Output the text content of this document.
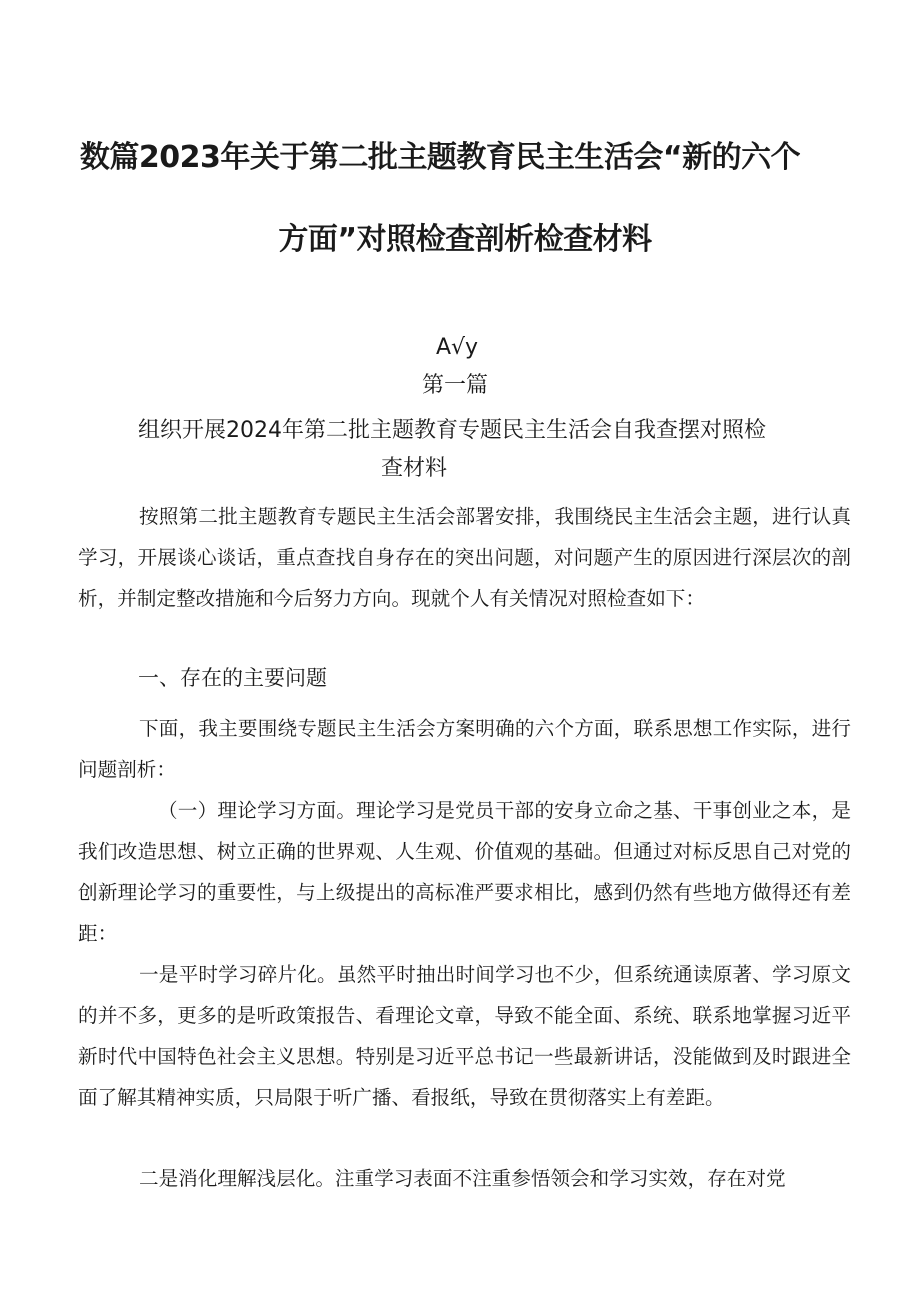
数篇2023年关于第二批主题教育民主生活会“新的六个
方面”对照检查剖析检查材料
A√y
第一篇
组织开展2024年第二批主题教育专题民主生活会自我查摆对照检
查材料

按照第二批主题教育专题民主生活会部署安排，我围绕民主生活会主题，进行认真学习，开展谈心谈话，重点查找自身存在的突出问题，对问题产生的原因进行深层次的剖析，并制定整改措施和今后努力方向。现就个人有关情况对照检查如下：

一、存在的主要问题

下面，我主要围绕专题民主生活会方案明确的六个方面，联系思想工作实际，进行问题剖析：

（一）理论学习方面。理论学习是党员干部的安身立命之基、干事创业之本，是我们改造思想、树立正确的世界观、人生观、价值观的基础。但通过对标反思自己对党的创新理论学习的重要性，与上级提出的高标准严要求相比，感到仍然有些地方做得还有差距：

一是平时学习碎片化。虽然平时抽出时间学习也不少，但系统通读原著、学习原文的并不多，更多的是听政策报告、看理论文章，导致不能全面、系统、联系地掌握习近平新时代中国特色社会主义思想。特别是习近平总书记一些最新讲话，没能做到及时跟进全面了解其精神实质，只局限于听广播、看报纸，导致在贯彻落实上有差距。

二是消化理解浅层化。注重学习表面不注重参悟领会和学习实效，存在对党
